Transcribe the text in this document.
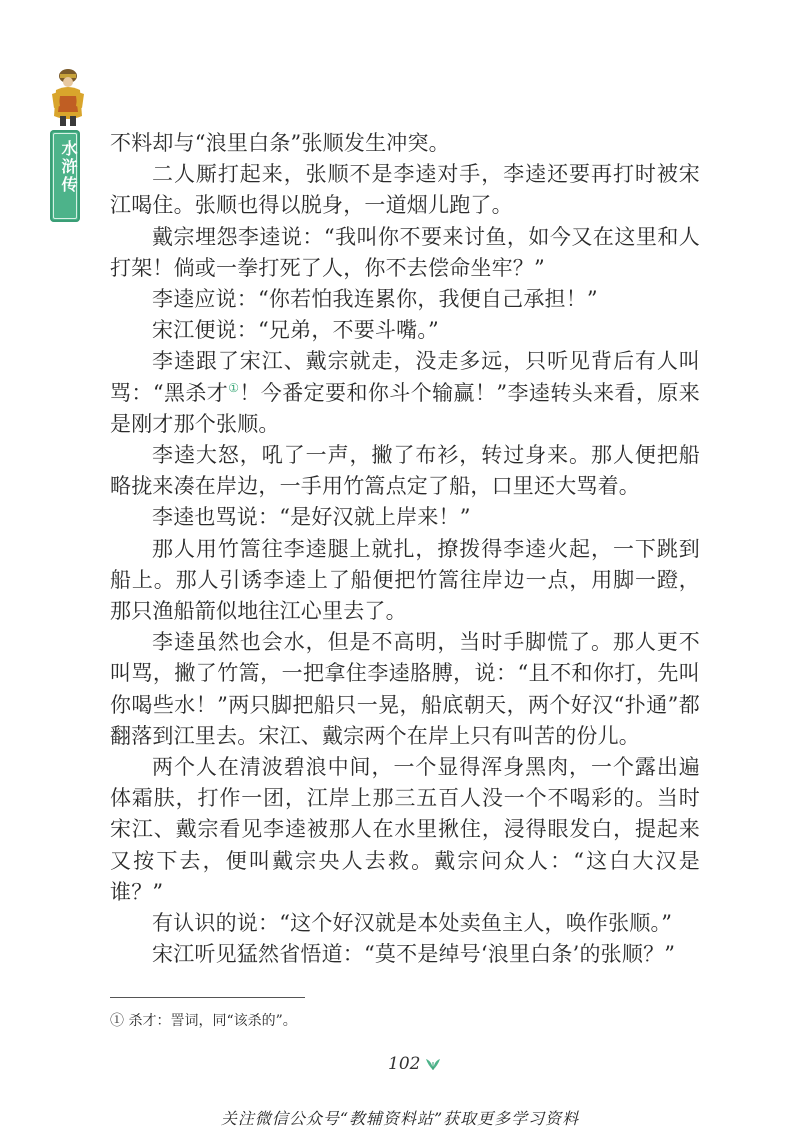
水浒传 不料却与“浪里白条”张顺发生冲突。

二人厮打起来，张顺不是李逵对手，李逵还要再打时被宋江喝住。张顺也得以脱身，一道烟儿跑了。

戴宗埋怨李逵说：“我叫你不要来讨鱼，如今又在这里和人打架！倘或一拳打死了人，你不去偿命坐牢？”

李逵应说：“你若怕我连累你，我便自己承担！”

宋江便说：“兄弟，不要斗嘴。”

李逵跟了宋江、戴宗就走，没走多远，只听见背后有人叫骂：“黑杀才①！今番定要和你斗个输赢！”李逵转头来看，原来是刚才那个张顺。

李逵大怒，吼了一声，撇了布衫，转过身来。那人便把船略拢来凑在岸边，一手用竹篙点定了船，口里还大骂着。

李逵也骂说：“是好汉就上岸来！”

那人用竹篙往李逵腿上就扎，撩拨得李逵火起，一下跳到船上。那人引诱李逵上了船便把竹篙往岸边一点，用脚一蹬，那只渔船箭似地往江心里去了。

李逵虽然也会水，但是不高明，当时手脚慌了。那人更不叫骂，撇了竹篙，一把拿住李逵胳膊，说：“且不和你打，先叫你喝些水！”两只脚把船只一晃，船底朝天，两个好汉“扑通”都翻落到江里去。宋江、戴宗两个在岸上只有叫苦的份儿。

两个人在清波碧浪中间，一个显得浑身黑肉，一个露出遍体霜肤，打作一团，江岸上那三五百人没一个不喝彩的。当时宋江、戴宗看见李逵被那人在水里揪住，浸得眼发白，提起来又按下去，便叫戴宗央人去救。戴宗问众人：“这白大汉是谁？”

有认识的说：“这个好汉就是本处卖鱼主人，唤作张顺。”

宋江听见猛然省悟道：“莫不是绰号‘浪里白条’的张顺？”

① 杀才：詈词，同“该杀的”。
102
关注微信公众号“教辅资料站”获取更多学习资料
